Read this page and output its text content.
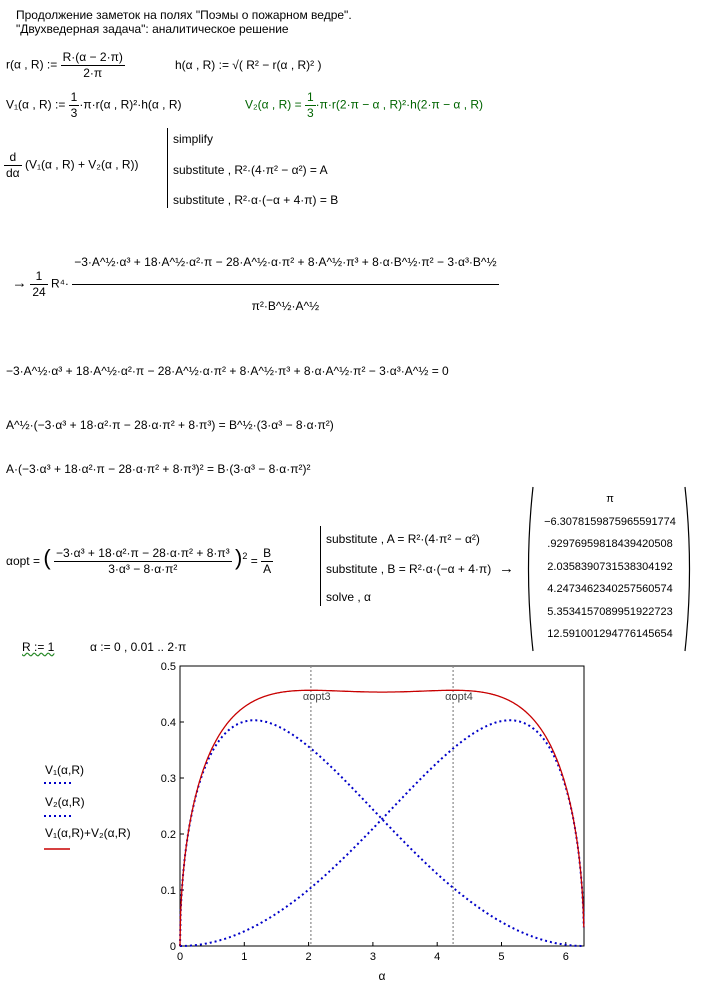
Продолжение заметок на полях "Поэмы о пожарном ведре".
"Двухведерная задача": аналитическое решение
r(α , R) := $\frac{R\cdot(\alpha - 2\cdot\pi)}{2\cdot\pi}$	h(α , R) := √( R² − r(α , R)² )
V₁(α , R) := $\frac{1}{3} \cdot\pi\cdot r(\alpha$ , R)²·h(α , R)	V₂(α , $R) = \frac{1}{3} \cdot\pi\cdot r(2\cdot\pi - \alpha$ , R)²·h(2·π − α , R)
$\frac{d}{d\alpha} (V_1(\alpha$ , R) + V₂(α , R))
simplify
substitute , R²·(4·π² − α²) = A
substitute , R²·α·(−α + 4·π) = B
→ $\frac{1}{24} R^4\cdot$
−3·A^½·α³ + 18·A^½·α²·π − 28·A^½·α·π² + 8·A^½·π³ + 8·α·B^½·π² − 3·α³·B^½
π²·B^½·A^½
−3·A^½·α³ + 18·A^½·α²·π − 28·A^½·α·π² + 8·A^½·π³ + 8·α·A^½·π² − 3·α³·A^½ = 0
A^½·(−3·α³ + 18·α²·π − 28·α·π² + 8·π³) = B^½·(3·α³ − 8·α·π²)
A·(−3·α³ + 18·α²·π − 28·α·π² + 8·π³)² = B·(3·α³ − 8·α·π²)²
αopt = ( $\frac{\text{−3·α³ + 18·α²·π − 28·α·π² + 8·π³}}{\text{3·α³ − 8·α·π²}} )^2 = \frac{B}{A}$
substitute , A = R²·(4·π² − α²)
substitute , B = R²·α·(−α + 4·π) →
solve , α
π
−6.3078159875965591774
.92976959818439420508
2.0358390731538304192
4.2473462340257560574
5.3534157089951922723
12.591001294776145654
R := 1	α := 0 , 0.01 .. 2·π
V₁(α,R)
V₂(α,R)
V₁(α,R)+V₂(α,R)
0	1	2	3	4	5	6
0
0.1
0.2
0.3
0.4
0.5
α
αopt3	αopt4
